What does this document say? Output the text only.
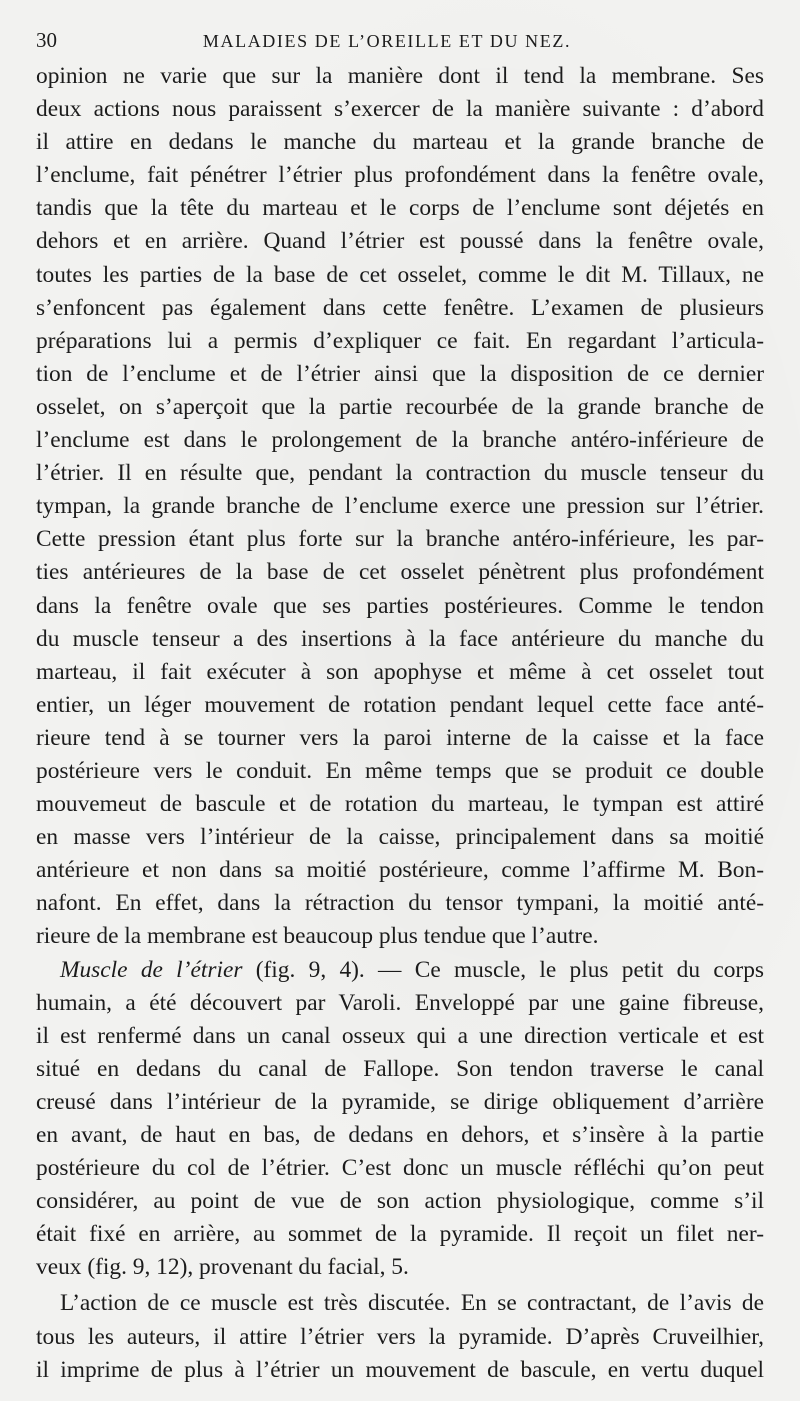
30	MALADIES DE L’OREILLE ET DU NEZ.

opinion ne varie que sur la manière dont il tend la membrane. Ses
deux actions nous paraissent s’exercer de la manière suivante : d’abord
il attire en dedans le manche du marteau et la grande branche de
l’enclume, fait pénétrer l’étrier plus profondément dans la fenêtre ovale,
tandis que la tête du marteau et le corps de l’enclume sont déjetés en
dehors et en arrière. Quand l’étrier est poussé dans la fenêtre ovale,
toutes les parties de la base de cet osselet, comme le dit M. Tillaux, ne
s’enfoncent pas également dans cette fenêtre. L’examen de plusieurs
préparations lui a permis d’expliquer ce fait. En regardant l’articula-
tion de l’enclume et de l’étrier ainsi que la disposition de ce dernier
osselet, on s’aperçoit que la partie recourbée de la grande branche de
l’enclume est dans le prolongement de la branche antéro-inférieure de
l’étrier. Il en résulte que, pendant la contraction du muscle tenseur du
tympan, la grande branche de l’enclume exerce une pression sur l’étrier.
Cette pression étant plus forte sur la branche antéro-inférieure, les par-
ties antérieures de la base de cet osselet pénètrent plus profondément
dans la fenêtre ovale que ses parties postérieures. Comme le tendon
du muscle tenseur a des insertions à la face antérieure du manche du
marteau, il fait exécuter à son apophyse et même à cet osselet tout
entier, un léger mouvement de rotation pendant lequel cette face anté-
rieure tend à se tourner vers la paroi interne de la caisse et la face
postérieure vers le conduit. En même temps que se produit ce double
mouvemeut de bascule et de rotation du marteau, le tympan est attiré
en masse vers l’intérieur de la caisse, principalement dans sa moitié
antérieure et non dans sa moitié postérieure, comme l’affirme M. Bon-
nafont. En effet, dans la rétraction du tensor tympani, la moitié anté-
rieure de la membrane est beaucoup plus tendue que l’autre.

Muscle de l’étrier (fig. 9, 4). — Ce muscle, le plus petit du corps
humain, a été découvert par Varoli. Enveloppé par une gaine fibreuse,
il est renfermé dans un canal osseux qui a une direction verticale et est
situé en dedans du canal de Fallope. Son tendon traverse le canal
creusé dans l’intérieur de la pyramide, se dirige obliquement d’arrière
en avant, de haut en bas, de dedans en dehors, et s’insère à la partie
postérieure du col de l’étrier. C’est donc un muscle réfléchi qu’on peut
considérer, au point de vue de son action physiologique, comme s’il
était fixé en arrière, au sommet de la pyramide. Il reçoit un filet ner-
veux (fig. 9, 12), provenant du facial, 5.

L’action de ce muscle est très discutée. En se contractant, de l’avis de
tous les auteurs, il attire l’étrier vers la pyramide. D’après Cruveilhier,
il imprime de plus à l’étrier un mouvement de bascule, en vertu duquel
